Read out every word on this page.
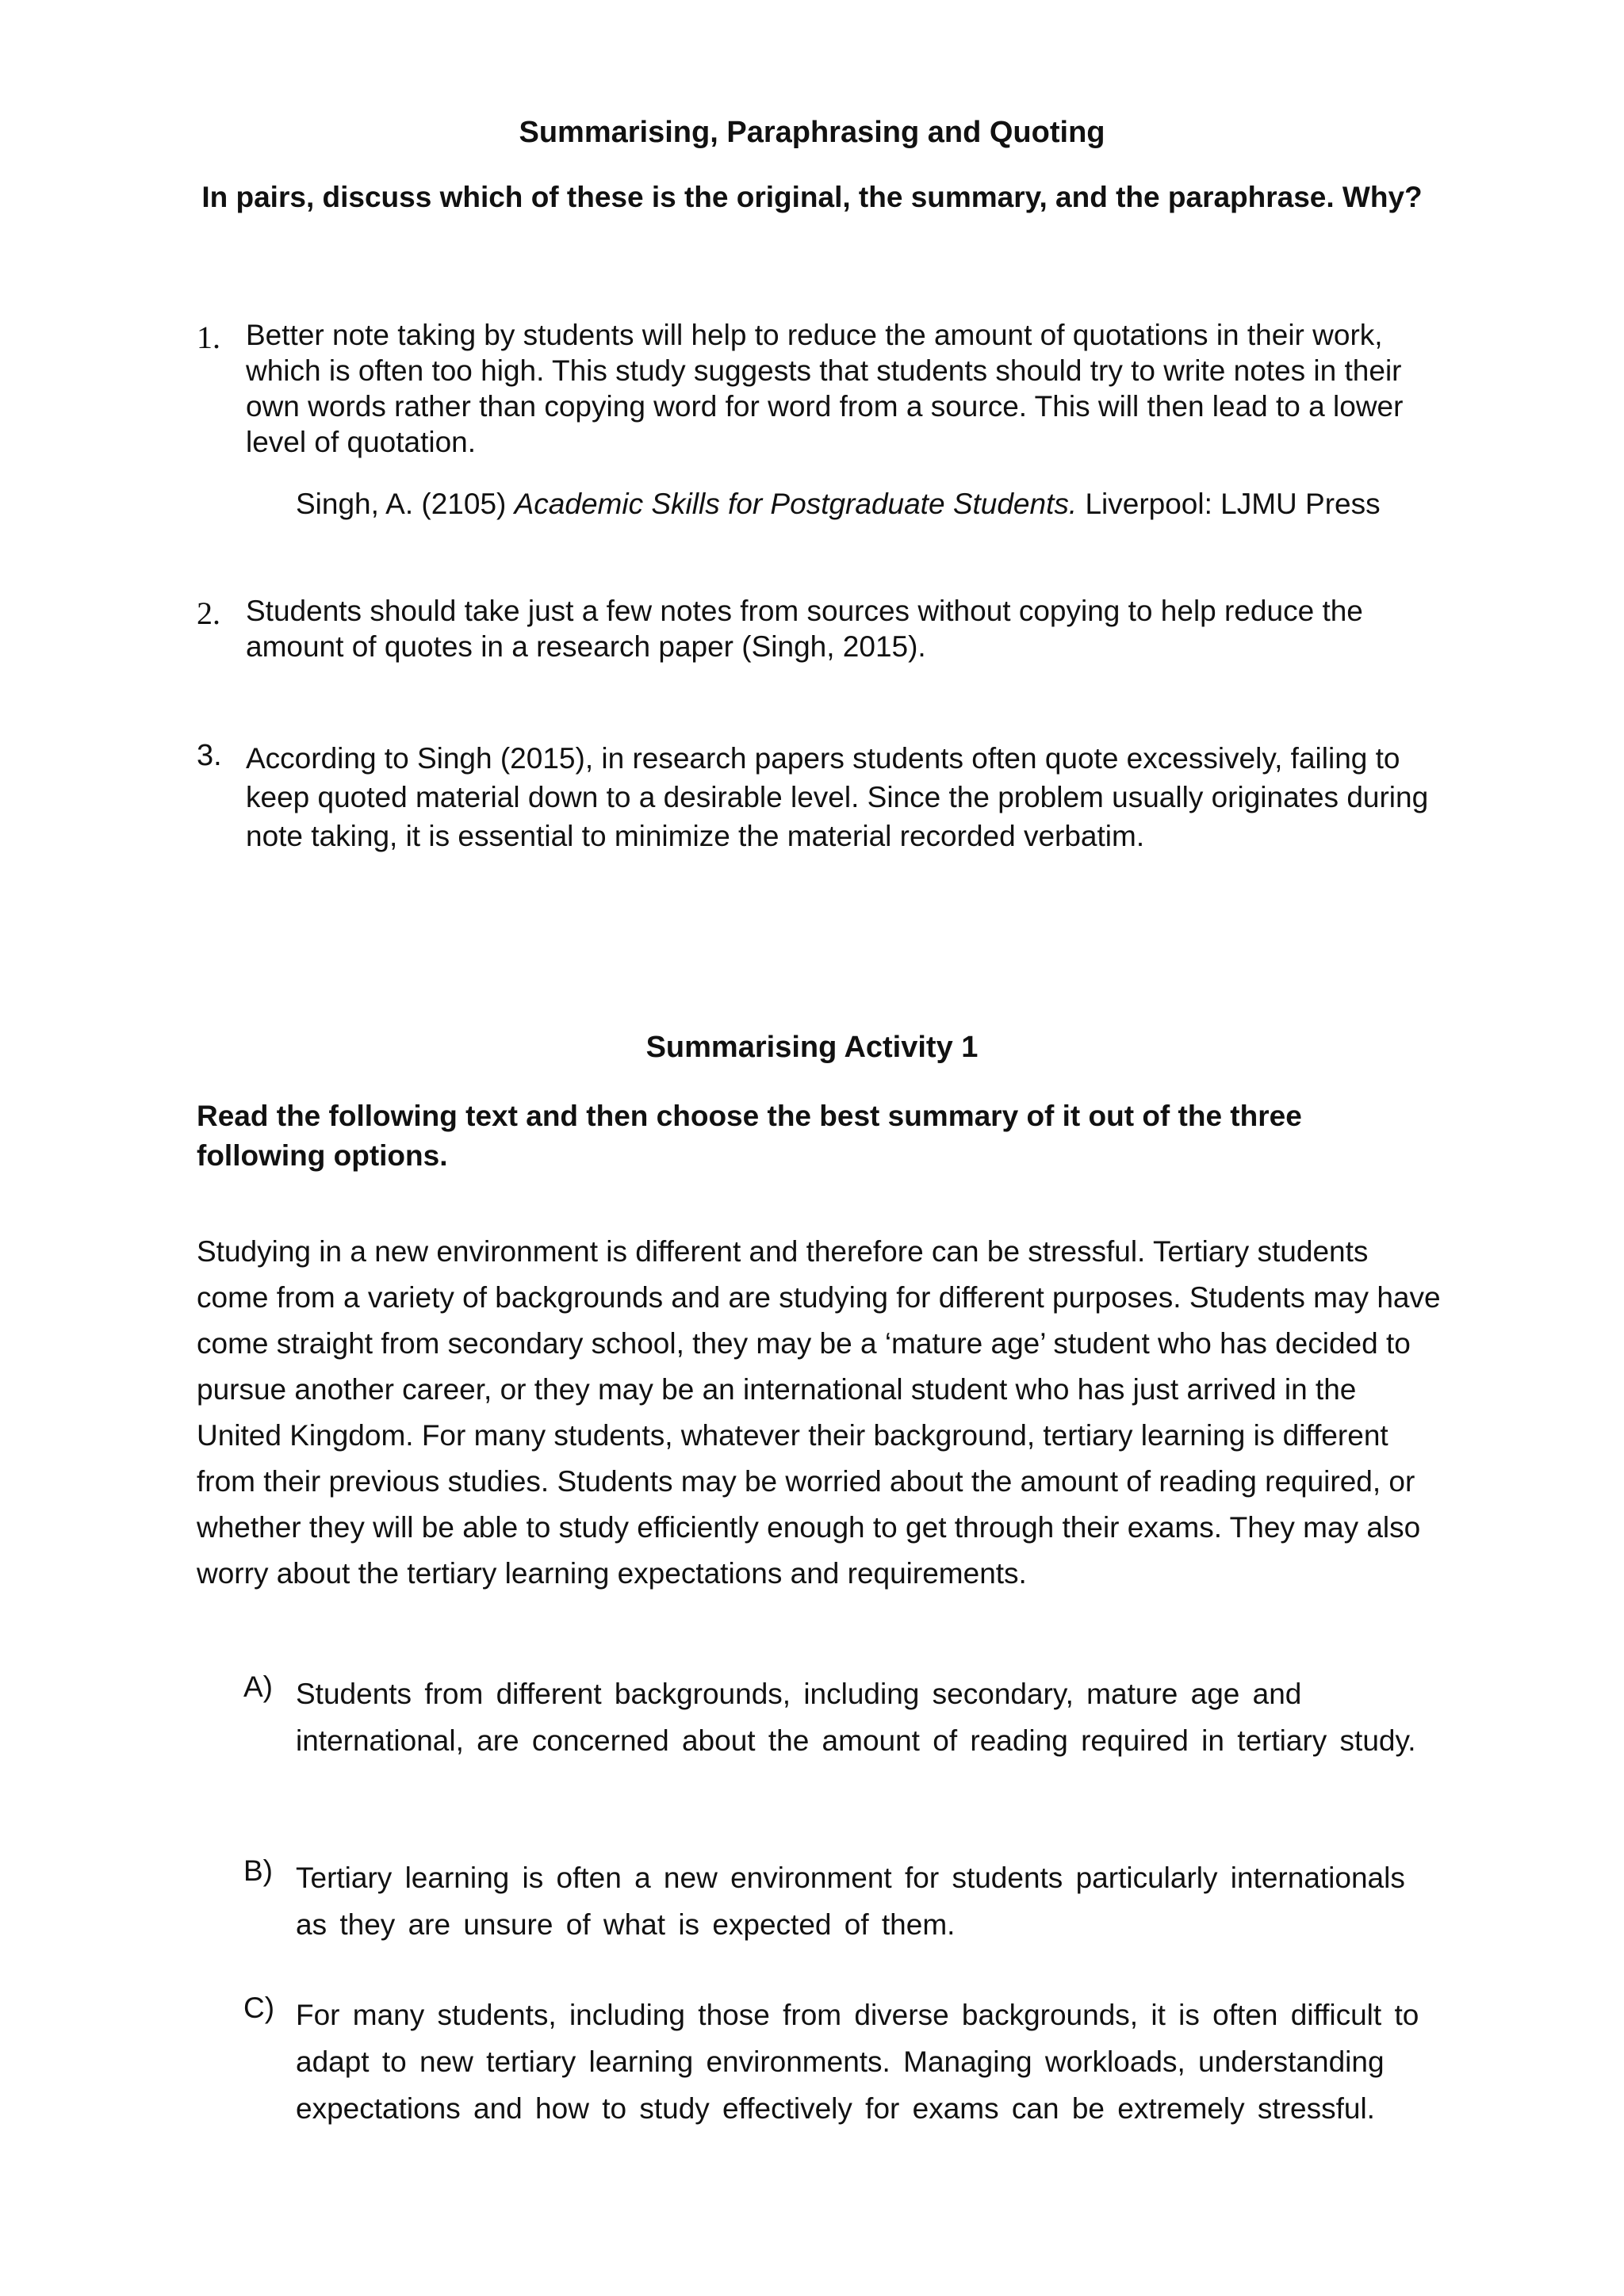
Summarising, Paraphrasing and Quoting
In pairs, discuss which of these is the original, the summary, and the paraphrase. Why?
1. Better note taking by students will help to reduce the amount of quotations in their work, which is often too high. This study suggests that students should try to write notes in their own words rather than copying word for word from a source. This will then lead to a lower level of quotation.

Singh, A. (2105) Academic Skills for Postgraduate Students. Liverpool: LJMU Press
2. Students should take just a few notes from sources without copying to help reduce the amount of quotes in a research paper (Singh, 2015).

3. According to Singh (2015), in research papers students often quote excessively, failing to keep quoted material down to a desirable level. Since the problem usually originates during note taking, it is essential to minimize the material recorded verbatim.

Summarising Activity 1

Read the following text and then choose the best summary of it out of the three following options.

Studying in a new environment is different and therefore can be stressful. Tertiary students come from a variety of backgrounds and are studying for different purposes. Students may have come straight from secondary school, they may be a ‘mature age’ student who has decided to pursue another career, or they may be an international student who has just arrived in the United Kingdom. For many students, whatever their background, tertiary learning is different from their previous studies. Students may be worried about the amount of reading required, or whether they will be able to study efficiently enough to get through their exams. They may also worry about the tertiary learning expectations and requirements.

A) Students from different backgrounds, including secondary, mature age and international, are concerned about the amount of reading required in tertiary study.

B) Tertiary learning is often a new environment for students particularly internationals as they are unsure of what is expected of them.

C) For many students, including those from diverse backgrounds, it is often difficult to adapt to new tertiary learning environments. Managing workloads, understanding expectations and how to study effectively for exams can be extremely stressful.
